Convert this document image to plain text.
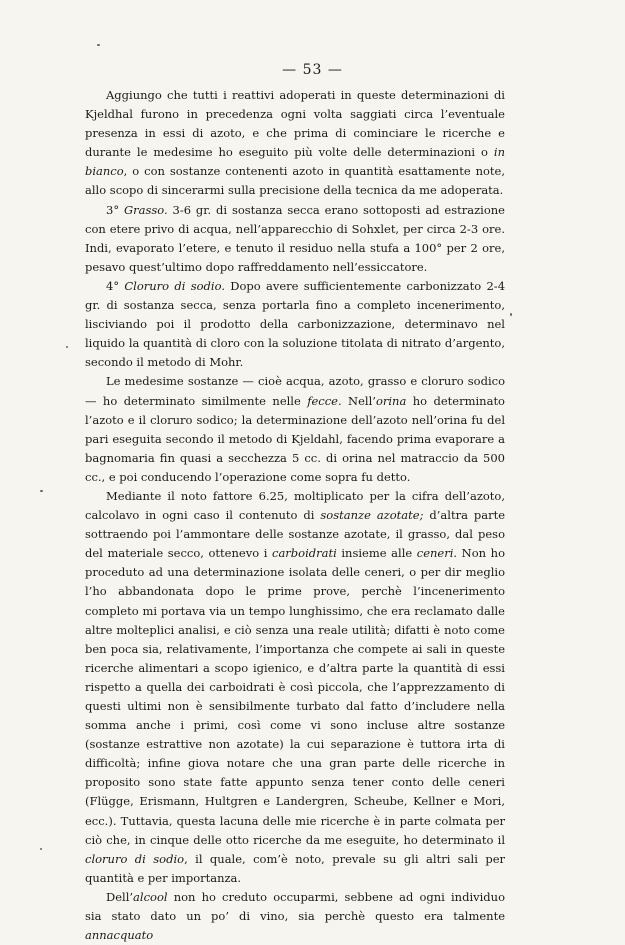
— 53 —

Aggiungo che tutti i reattivi adoperati in queste determinazioni di Kjeldhal furono in precedenza ogni volta saggiati circa l’eventuale presenza in essi di azoto, e che prima di cominciare le ricerche e durante le medesime ho eseguito più volte delle determinazioni o in bianco, o con sostanze contenenti azoto in quantità esattamente note, allo scopo di sincerarmi sulla precisione della tecnica da me adoperata.

3° Grasso. 3-6 gr. di sostanza secca erano sottoposti ad estrazione con etere privo di acqua, nell’apparecchio di Sohxlet, per circa 2-3 ore. Indi, evaporato l’etere, e tenuto il residuo nella stufa a 100° per 2 ore, pesavo quest’ultimo dopo raffreddamento nell’essiccatore.

4° Cloruro di sodio. Dopo avere sufficientemente carbonizzato 2-4 gr. di sostanza secca, senza portarla fino a completo incenerimento, lisciviando poi il prodotto della carbonizzazione, determinavo nel liquido la quantità di cloro con la soluzione titolata di nitrato d’argento, secondo il metodo di Mohr.

Le medesime sostanze — cioè acqua, azoto, grasso e cloruro sodico — ho determinato similmente nelle fecce. Nell’orina ho determinato l’azoto e il cloruro sodico; la determinazione dell’azoto nell’orina fu del pari eseguita secondo il metodo di Kjeldahl, facendo prima evaporare a bagnomaria fin quasi a secchezza 5 cc. di orina nel matraccio da 500 cc., e poi conducendo l’operazione come sopra fu detto.

Mediante il noto fattore 6.25, moltiplicato per la cifra dell’azoto, calcolavo in ogni caso il contenuto di sostanze azotate; d’altra parte sottraendo poi l’ammontare delle sostanze azotate, il grasso, dal peso del materiale secco, ottenevo i carboidrati insieme alle ceneri. Non ho proceduto ad una determinazione isolata delle ceneri, o per dir meglio l’ho abbandonata dopo le prime prove, perchè l’incenerimento completo mi portava via un tempo lunghissimo, che era reclamato dalle altre molteplici analisi, e ciò senza una reale utilità; difatti è noto come ben poca sia, relativamente, l’importanza che compete ai sali in queste ricerche alimentari a scopo igienico, e d’altra parte la quantità di essi rispetto a quella dei carboidrati è così piccola, che l’apprezzamento di questi ultimi non è sensibilmente turbato dal fatto d’includere nella somma anche i primi, così come vi sono incluse altre sostanze (sostanze estrattive non azotate) la cui separazione è tuttora irta di difficoltà; infine giova notare che una gran parte delle ricerche in proposito sono state fatte appunto senza tener conto delle ceneri (Flügge, Erismann, Hultgren e Landergren, Scheube, Kellner e Mori, ecc.). Tuttavia, questa lacuna delle mie ricerche è in parte colmata per ciò che, in cinque delle otto ricerche da me eseguite, ho determinato il cloruro di sodio, il quale, com’è noto, prevale su gli altri sali per quantità e per importanza.

Dell’alcool non ho creduto occuparmi, sebbene ad ogni individuo sia stato dato un po’ di vino, sia perchè questo era talmente annacquato
